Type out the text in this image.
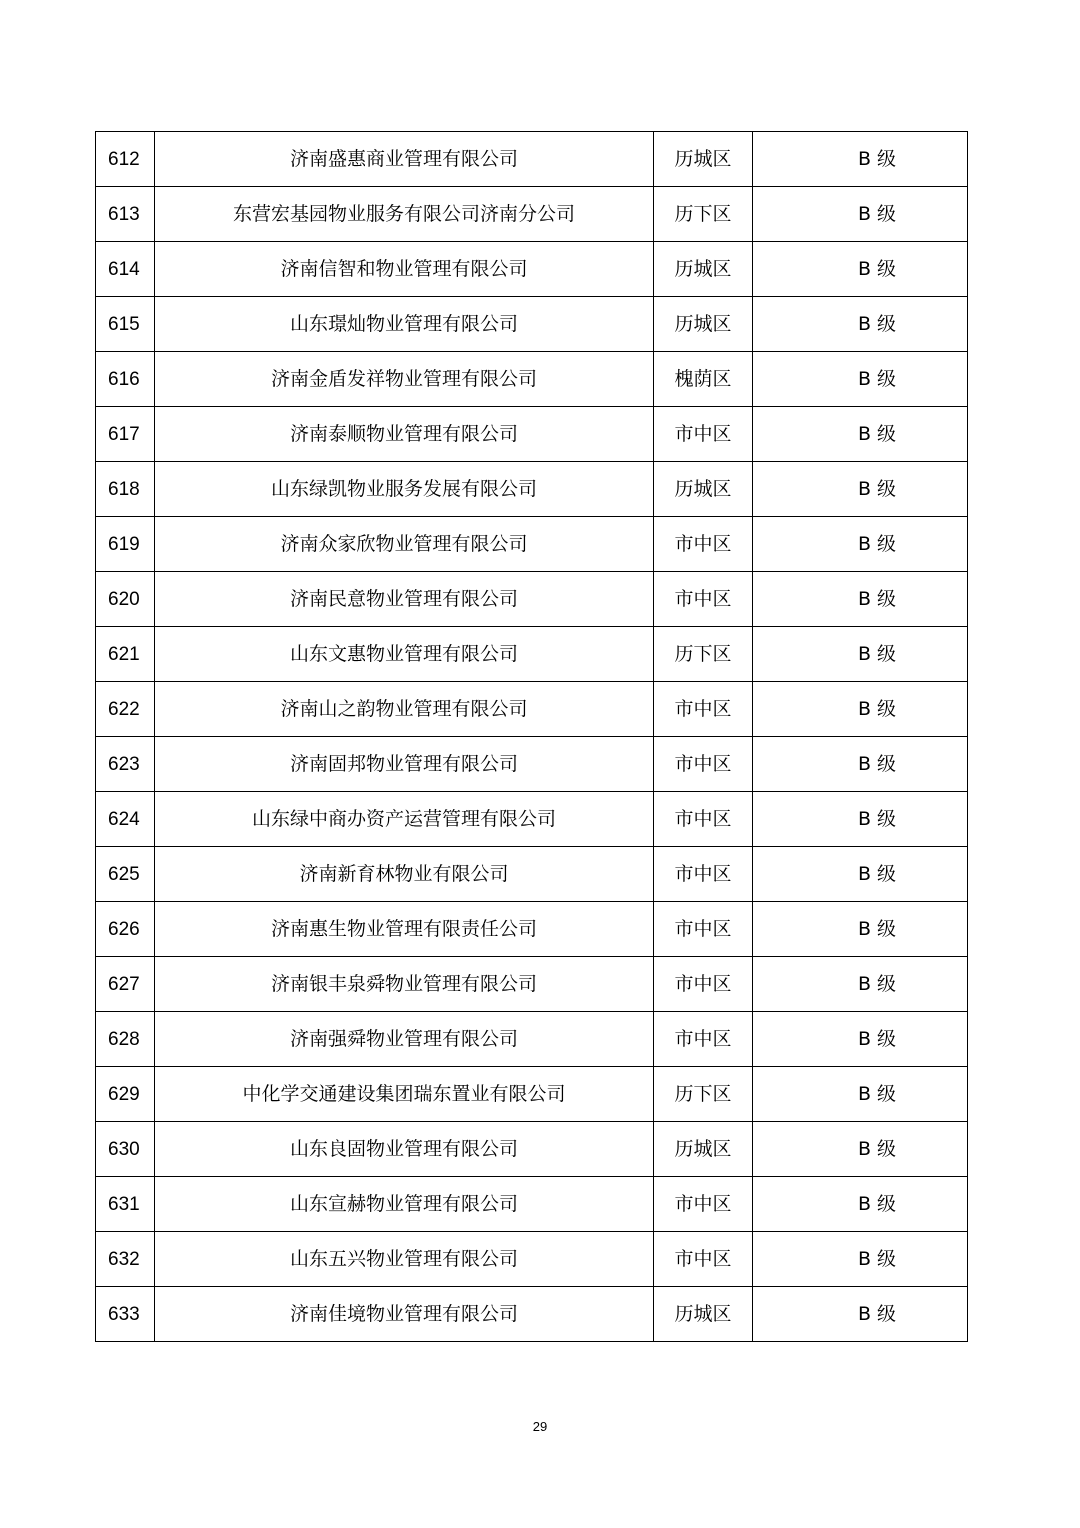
612	济南盛惠商业管理有限公司	历城区	B 级
613	东营宏基园物业服务有限公司济南分公司	历下区	B 级
614	济南信智和物业管理有限公司	历城区	B 级
615	山东璟灿物业管理有限公司	历城区	B 级
616	济南金盾发祥物业管理有限公司	槐荫区	B 级
617	济南泰顺物业管理有限公司	市中区	B 级
618	山东绿凯物业服务发展有限公司	历城区	B 级
619	济南众家欣物业管理有限公司	市中区	B 级
620	济南民意物业管理有限公司	市中区	B 级
621	山东文惠物业管理有限公司	历下区	B 级
622	济南山之韵物业管理有限公司	市中区	B 级
623	济南固邦物业管理有限公司	市中区	B 级
624	山东绿中商办资产运营管理有限公司	市中区	B 级
625	济南新育林物业有限公司	市中区	B 级
626	济南惠生物业管理有限责任公司	市中区	B 级
627	济南银丰泉舜物业管理有限公司	市中区	B 级
628	济南强舜物业管理有限公司	市中区	B 级
629	中化学交通建设集团瑞东置业有限公司	历下区	B 级
630	山东良固物业管理有限公司	历城区	B 级
631	山东宣赫物业管理有限公司	市中区	B 级
632	山东五兴物业管理有限公司	市中区	B 级
633	济南佳境物业管理有限公司	历城区	B 级
29
